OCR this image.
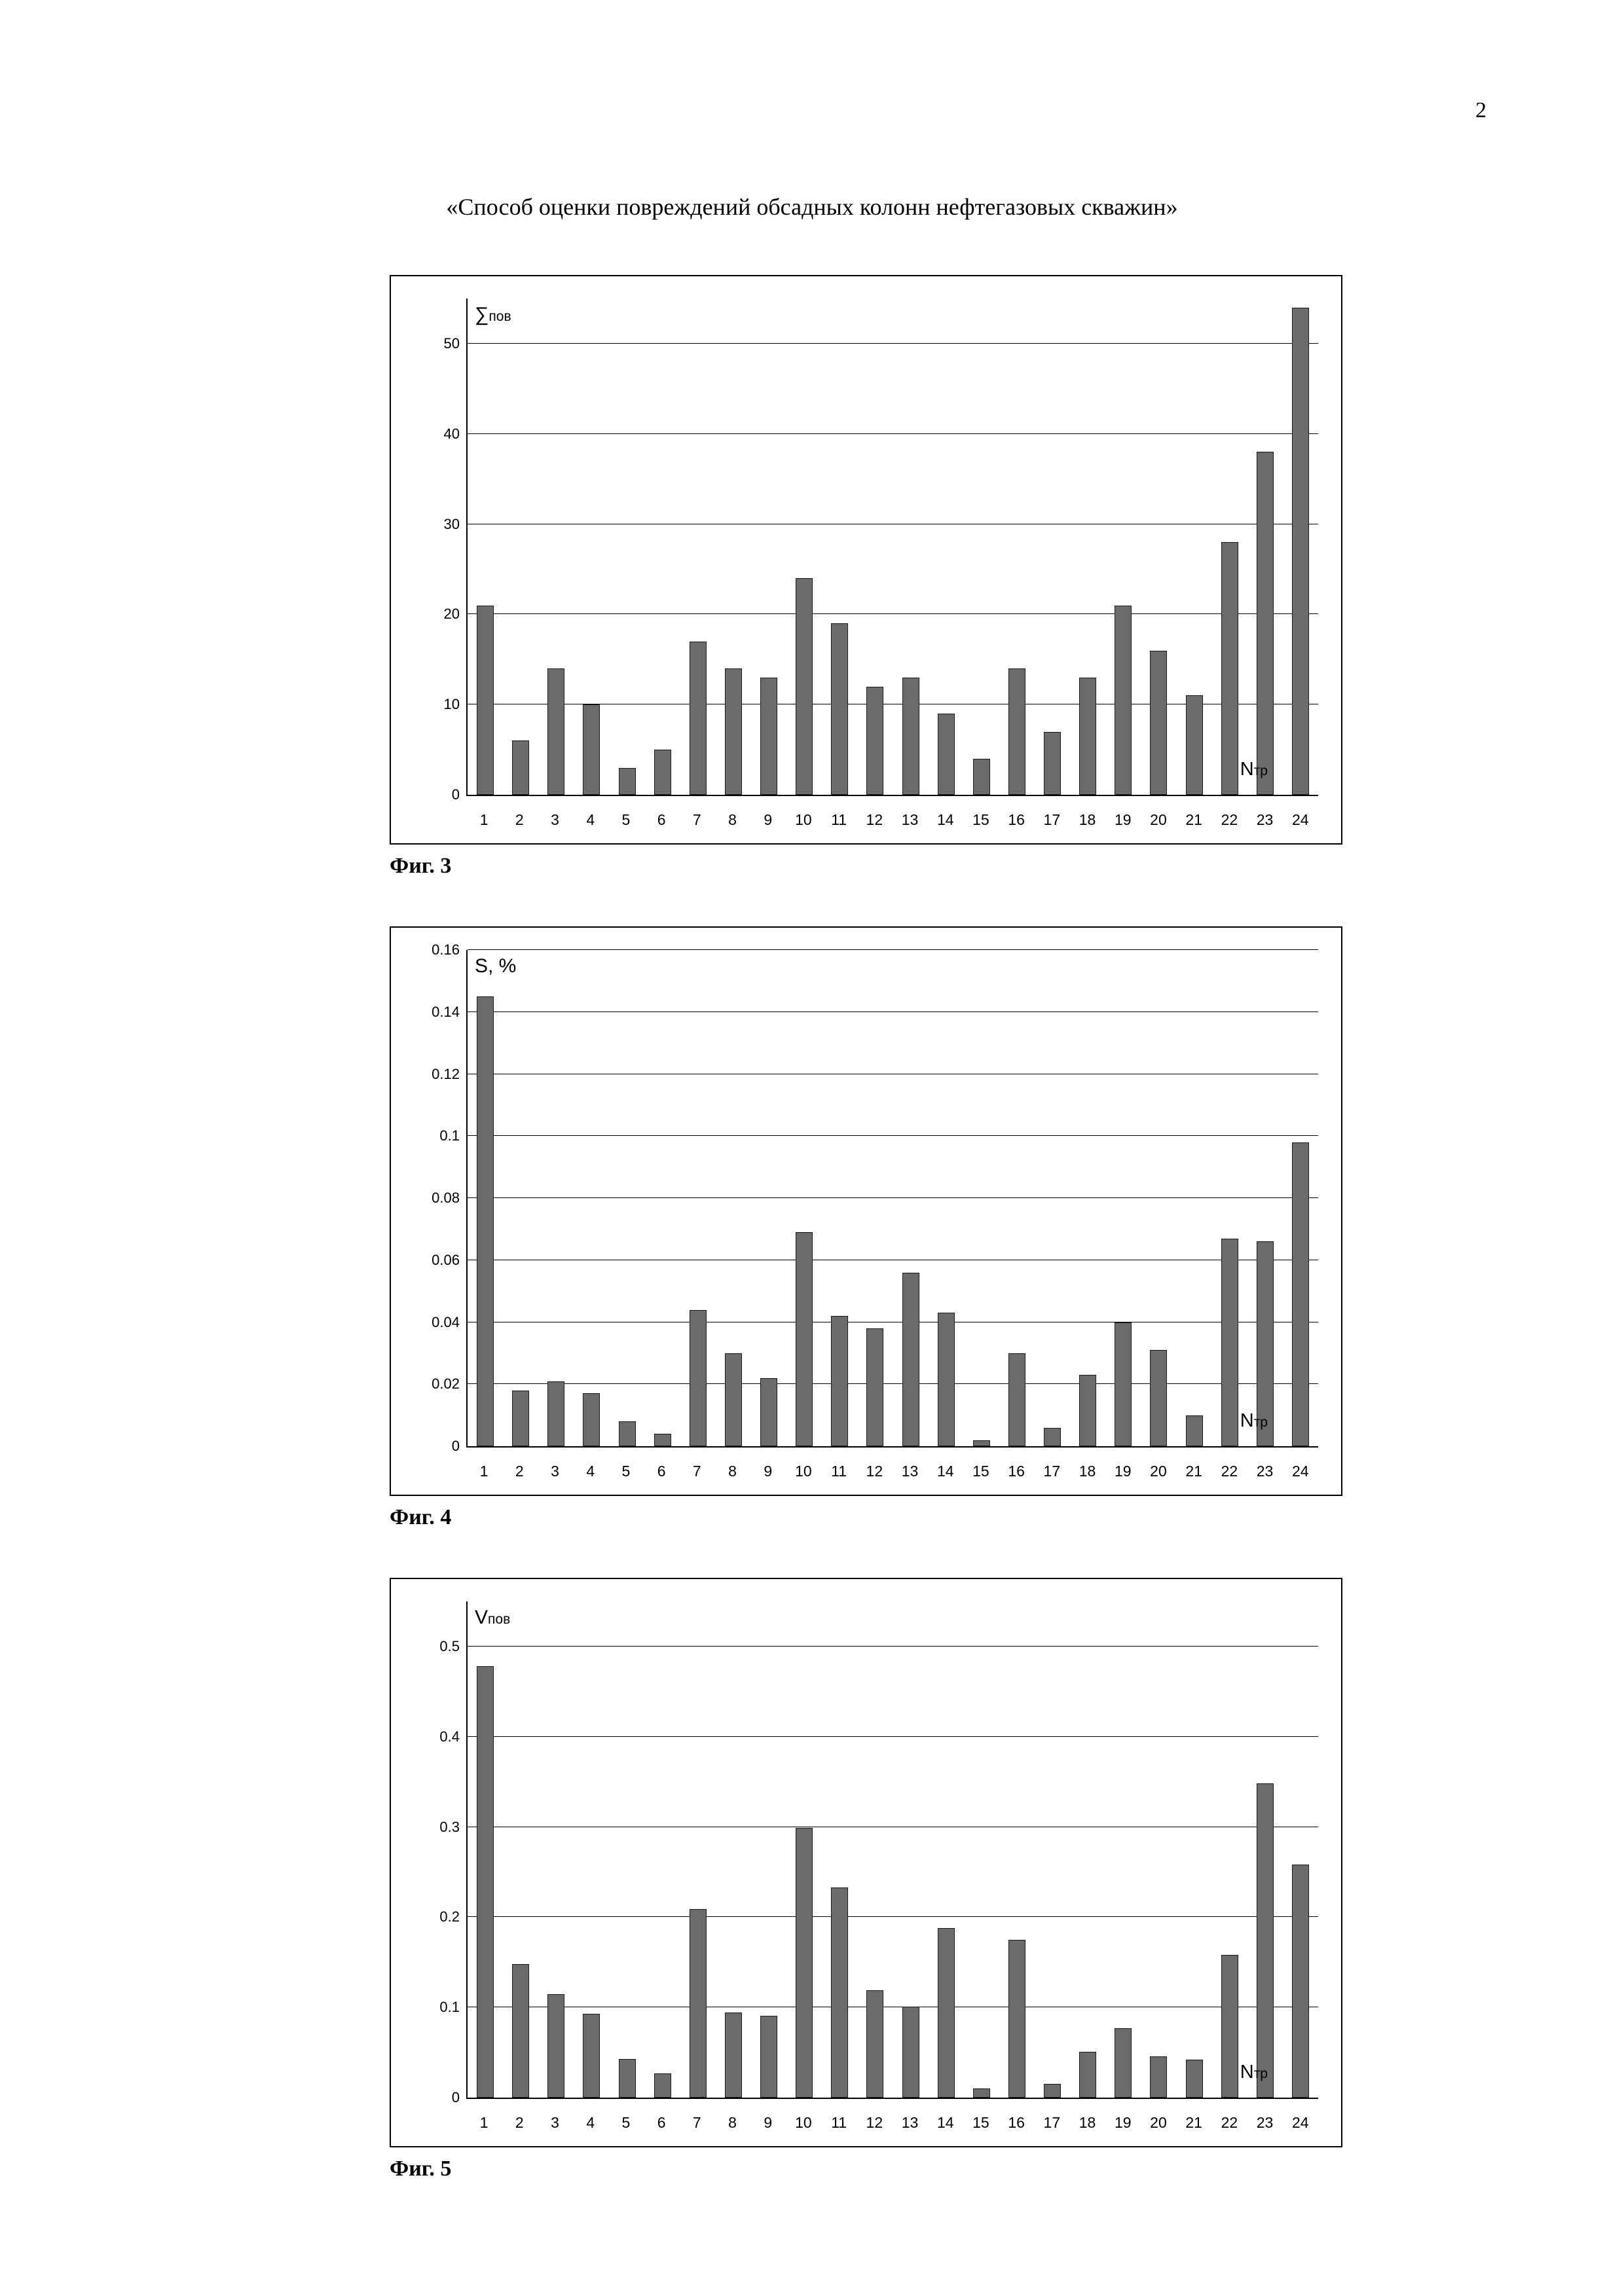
2
«Способ оценки повреждений обсадных колонн нефтегазовых скважин»
∑пов
0
10
20
30
40
50
1	2	3	4	5	6	7	8	9	10	11	12	13	14	15	16	17	18	19	20	21	22	23	24
Nтр
Фиг. 3
S, %
0
0.02
0.04
0.06
0.08
0.1
0.12
0.14
0.16
1	2	3	4	5	6	7	8	9	10	11	12	13	14	15	16	17	18	19	20	21	22	23	24
Nтр
Фиг. 4
Vпов
0
0.1
0.2
0.3
0.4
0.5
1	2	3	4	5	6	7	8	9	10	11	12	13	14	15	16	17	18	19	20	21	22	23	24
Nтр
Фиг. 5
